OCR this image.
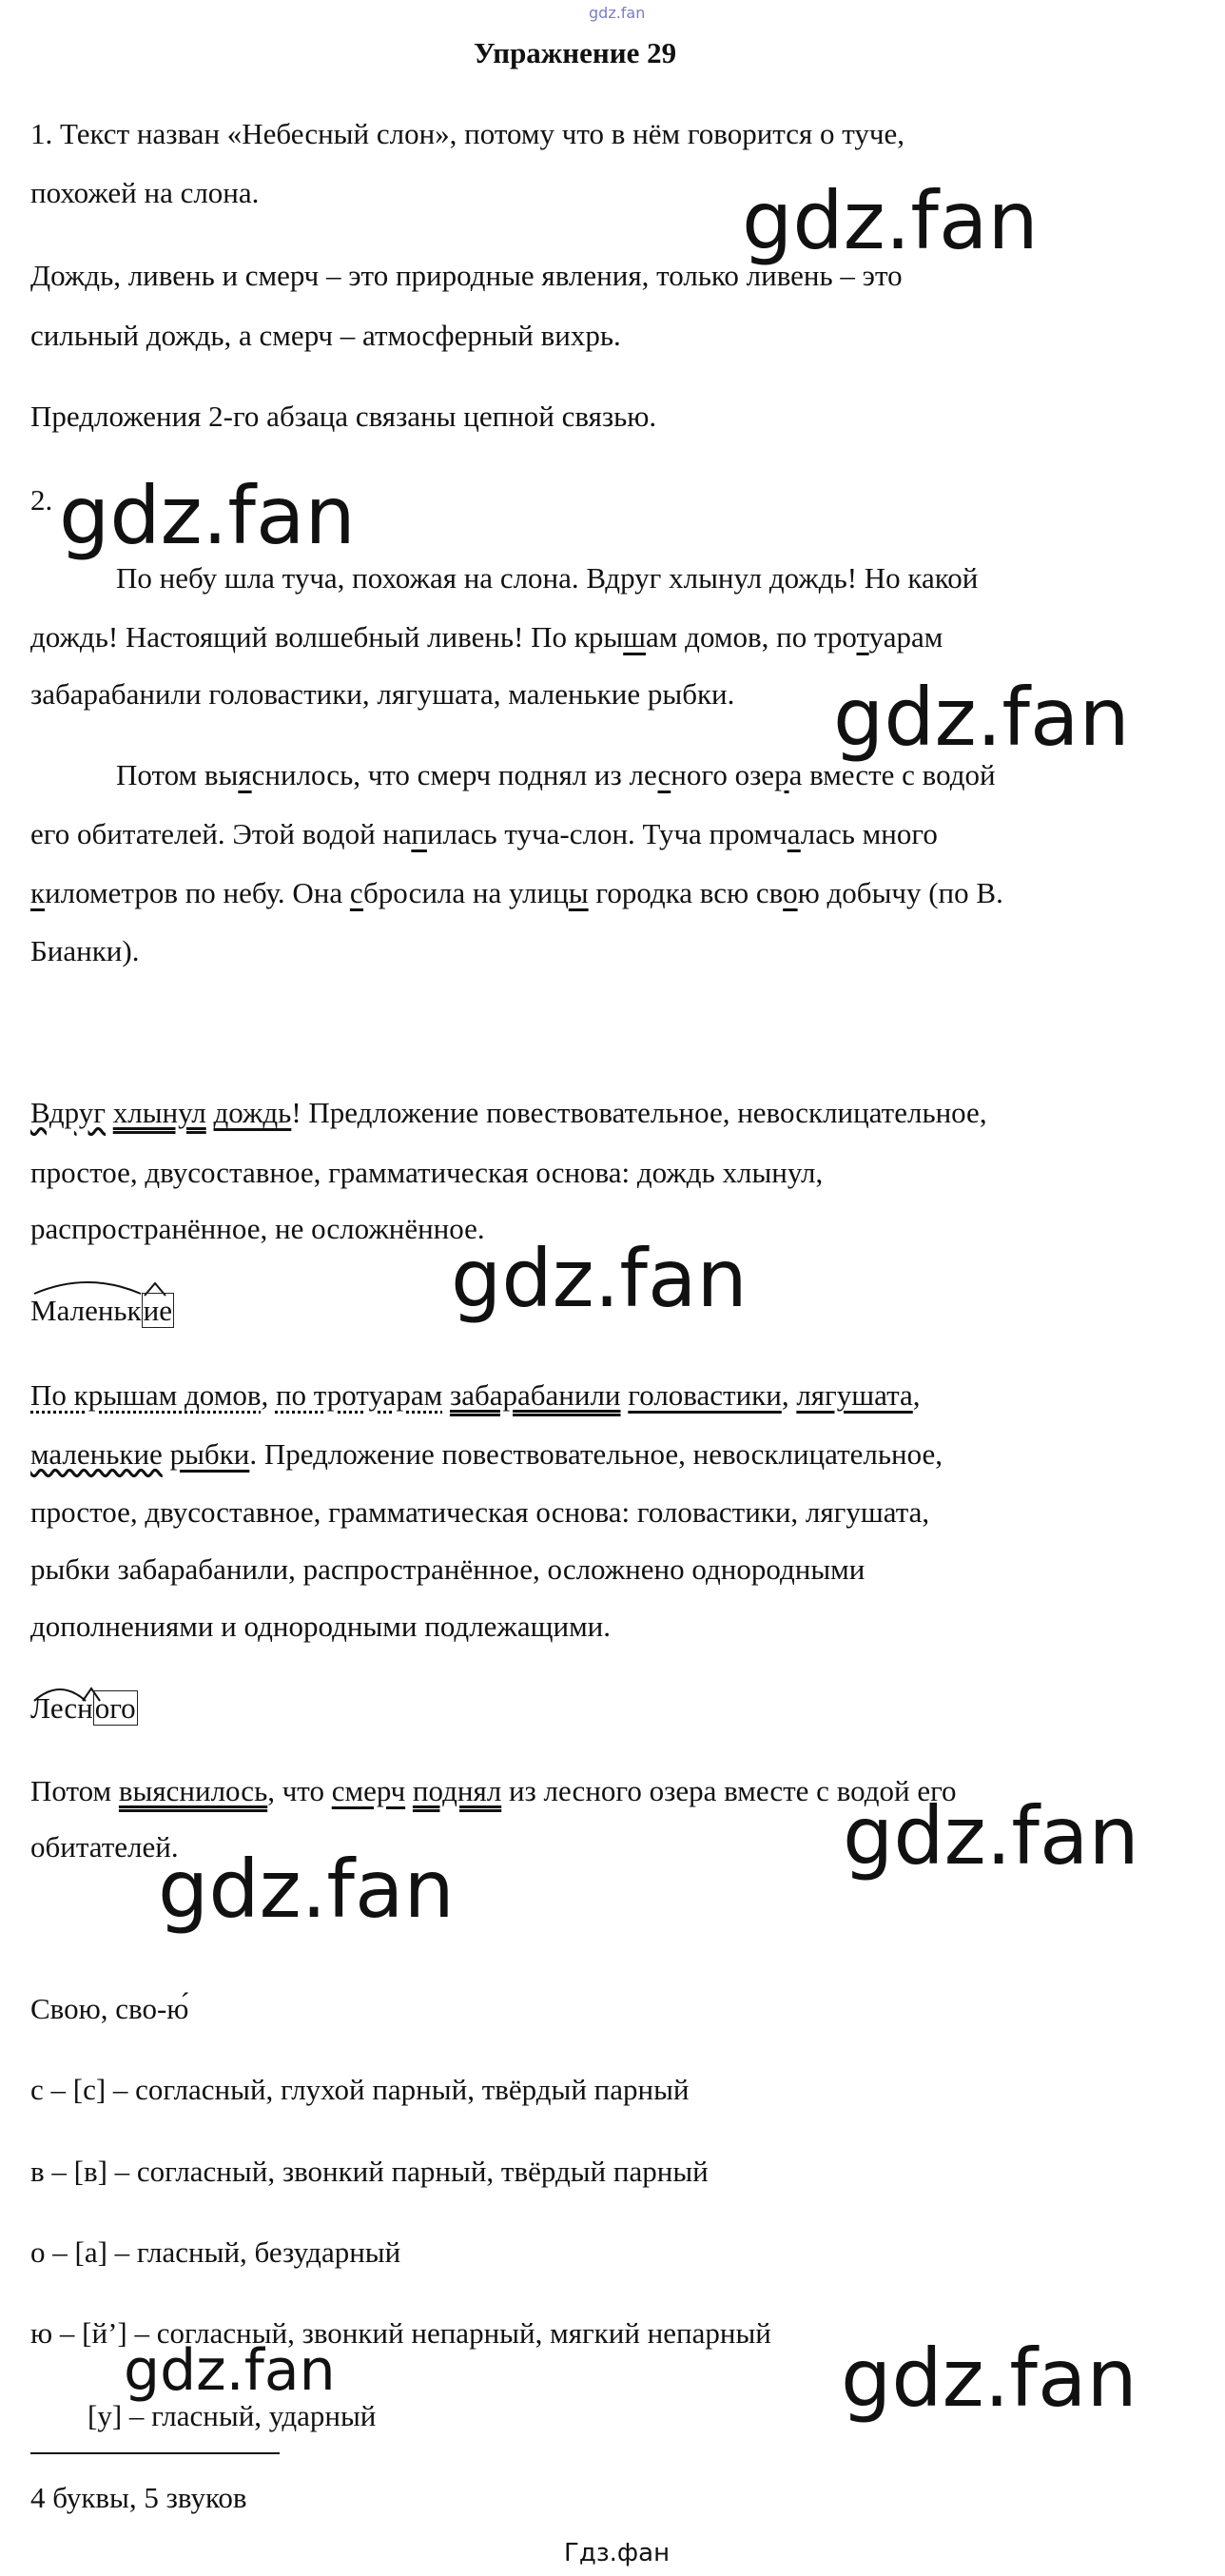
gdz.fan
Упражнение 29
1. Текст назван «Небесный слон», потому что в нём говорится о туче,
похожей на слона.
Дождь, ливень и смерч – это природные явления, только ливень – это
сильный дождь, а смерч – атмосферный вихрь.
Предложения 2-го абзаца связаны цепной связью.
2.
По небу шла туча, похожая на слона. Вдруг хлынул дождь! Но какой
дождь! Настоящий волшебный ливень! По крышам домов, по тротуарам
забарабанили головастики, лягушата, маленькие рыбки.
Потом выяснилось, что смерч поднял из лесного озера вместе с водой
его обитателей. Этой водой напилась туча-слон. Туча промчалась много
километров по небу. Она сбросила на улицы городка всю свою добычу (по В.
Бианки).
Вдруг хлынул дождь! Предложение повествовательное, невосклицательное,
простое, двусоставное, грамматическая основа: дождь хлынул,
распространённое, не осложнённое.
Маленькие
По крышам домов, по тротуарам забарабанили головастики, лягушата,
маленькие рыбки. Предложение повествовательное, невосклицательное,
простое, двусоставное, грамматическая основа: головастики, лягушата,
рыбки забарабанили, распространённое, осложнено однородными
дополнениями и однородными подлежащими.
Лесного
Потом выяснилось, что смерч поднял из лесного озера вместе с водой его
обитателей.
Свою, сво-ю́
с – [с] – согласный, глухой парный, твёрдый парный
в – [в] – согласный, звонкий парный, твёрдый парный
о – [а] – гласный, безударный
ю – [й’] – согласный, звонкий непарный, мягкий непарный
[у] – гласный, ударный
4 буквы, 5 звуков
gdz.fan
gdz.fan
gdz.fan
gdz.fan
gdz.fan
gdz.fan
gdz.fan
gdz.fan
Гдз.фан
